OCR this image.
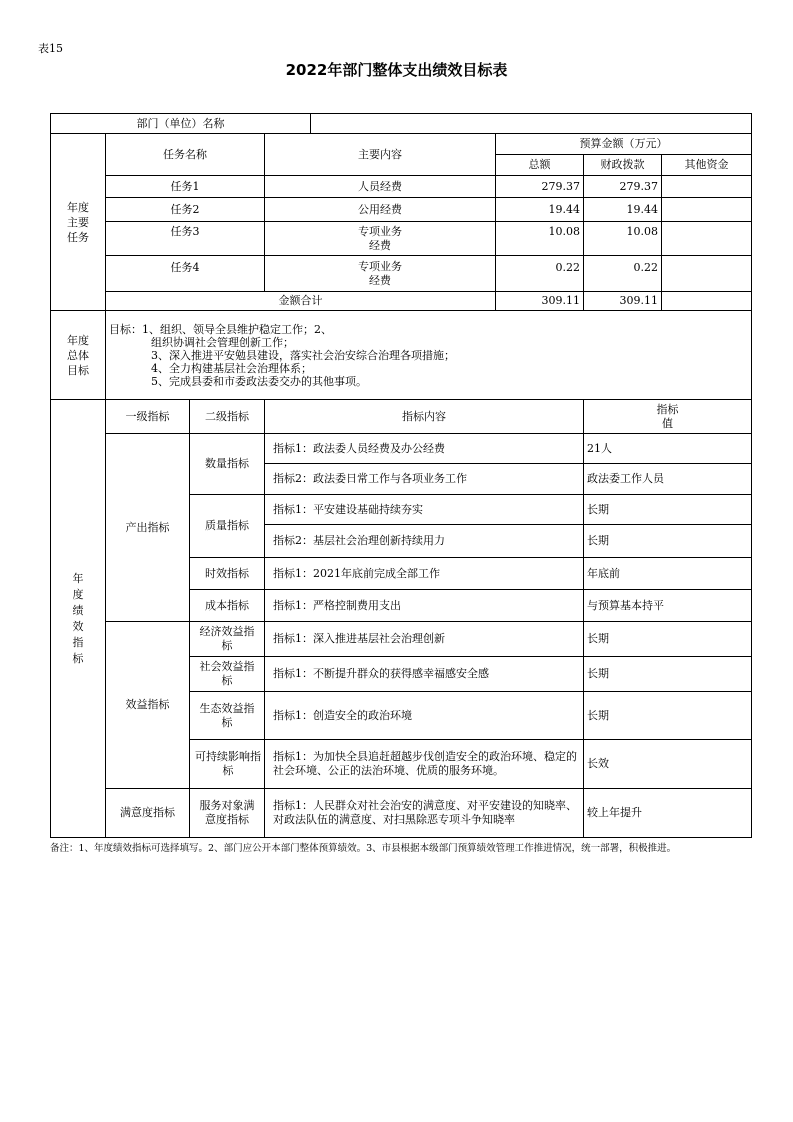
表15
2022年部门整体支出绩效目标表
部门（单位）名称							

年度主要任务	任务名称		主要内容		预算金额（万元）		
					总额	财政拨款	其他资金
	任务1		人员经费		279.37	279.37	
	任务2		公用经费		19.44	19.44	
	任务3		专项业务经费		10.08	10.08	
	任务4		专项业务经费		0.22	0.22	
	金额合计				309.11	309.11	

年度总体目标	目标：1、组织、领导全县维护稳定工作；2、
组织协调社会管理创新工作；
3、深入推进平安勉县建设，落实社会治安综合治理各项措施；
4、全力构建基层社会治理体系；
5、完成县委和市委政法委交办的其他事项。						

年度绩效指标	一级指标	二级指标	指标内容			指标值	

	产出指标	数量指标	指标1：政法委人员经费及办公经费			21人	
			指标2：政法委日常工作与各项业务工作			政法委工作人员	
		质量指标	指标1：平安建设基础持续夯实			长期	
			指标2：基层社会治理创新持续用力			长期	
		时效指标	指标1：2021年底前完成全部工作			年底前	
		成本指标	指标1：严格控制费用支出			与预算基本持平	
	效益指标	经济效益指标	指标1：深入推进基层社会治理创新			长期	

		社会效益指标	指标1：不断提升群众的获得感幸福感安全感			长期	

		生态效益指标	指标1：创造安全的政治环境			长期	

		可持续影响指标	指标1：为加快全县追赶超越步伐创造安全的政治环境、稳定的社会环境、公正的法治环境、优质的服务环境。			长效	
	满意度指标	服务对象满意度指标	指标1：人民群众对社会治安的满意度、对平安建设的知晓率、对政法队伍的满意度、对扫黑除恶专项斗争知晓率			较上年提升	
备注：1、年度绩效指标可选择填写。2、部门应公开本部门整体预算绩效。3、市县根据本级部门预算绩效管理工作推进情况，统一部署，积极推进。
